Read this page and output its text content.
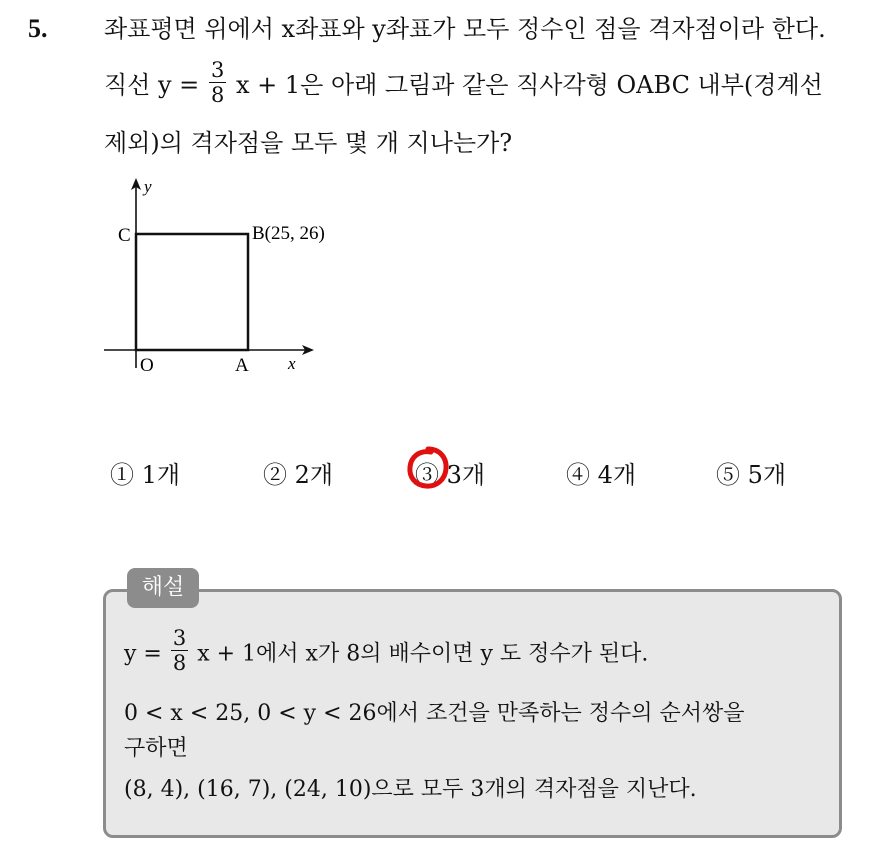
5. 좌표평면 위에서 x좌표와 y좌표가 모두 정수인 점을 격자점이라 한다.
직선 $y = \frac{3}{8}$ x + 1은 아래 그림과 같은 직사각형 OABC 내부(경계선
제외)의 격자점을 모두 몇 개 지나는가?
y
C	B(25, 26)
O	A x
① 1개	② 2개	③ 3개	④ 4개	⑤ 5개
해설
$y = \frac{3}{8}$ x + 1에서 x가 8의 배수이면 y 도 정수가 된다.
0 < x < 25, 0 < y < 26에서 조건을 만족하는 정수의 순서쌍을
구하면
(8, 4), (16, 7), (24, 10)으로 모두 3개의 격자점을 지난다.
